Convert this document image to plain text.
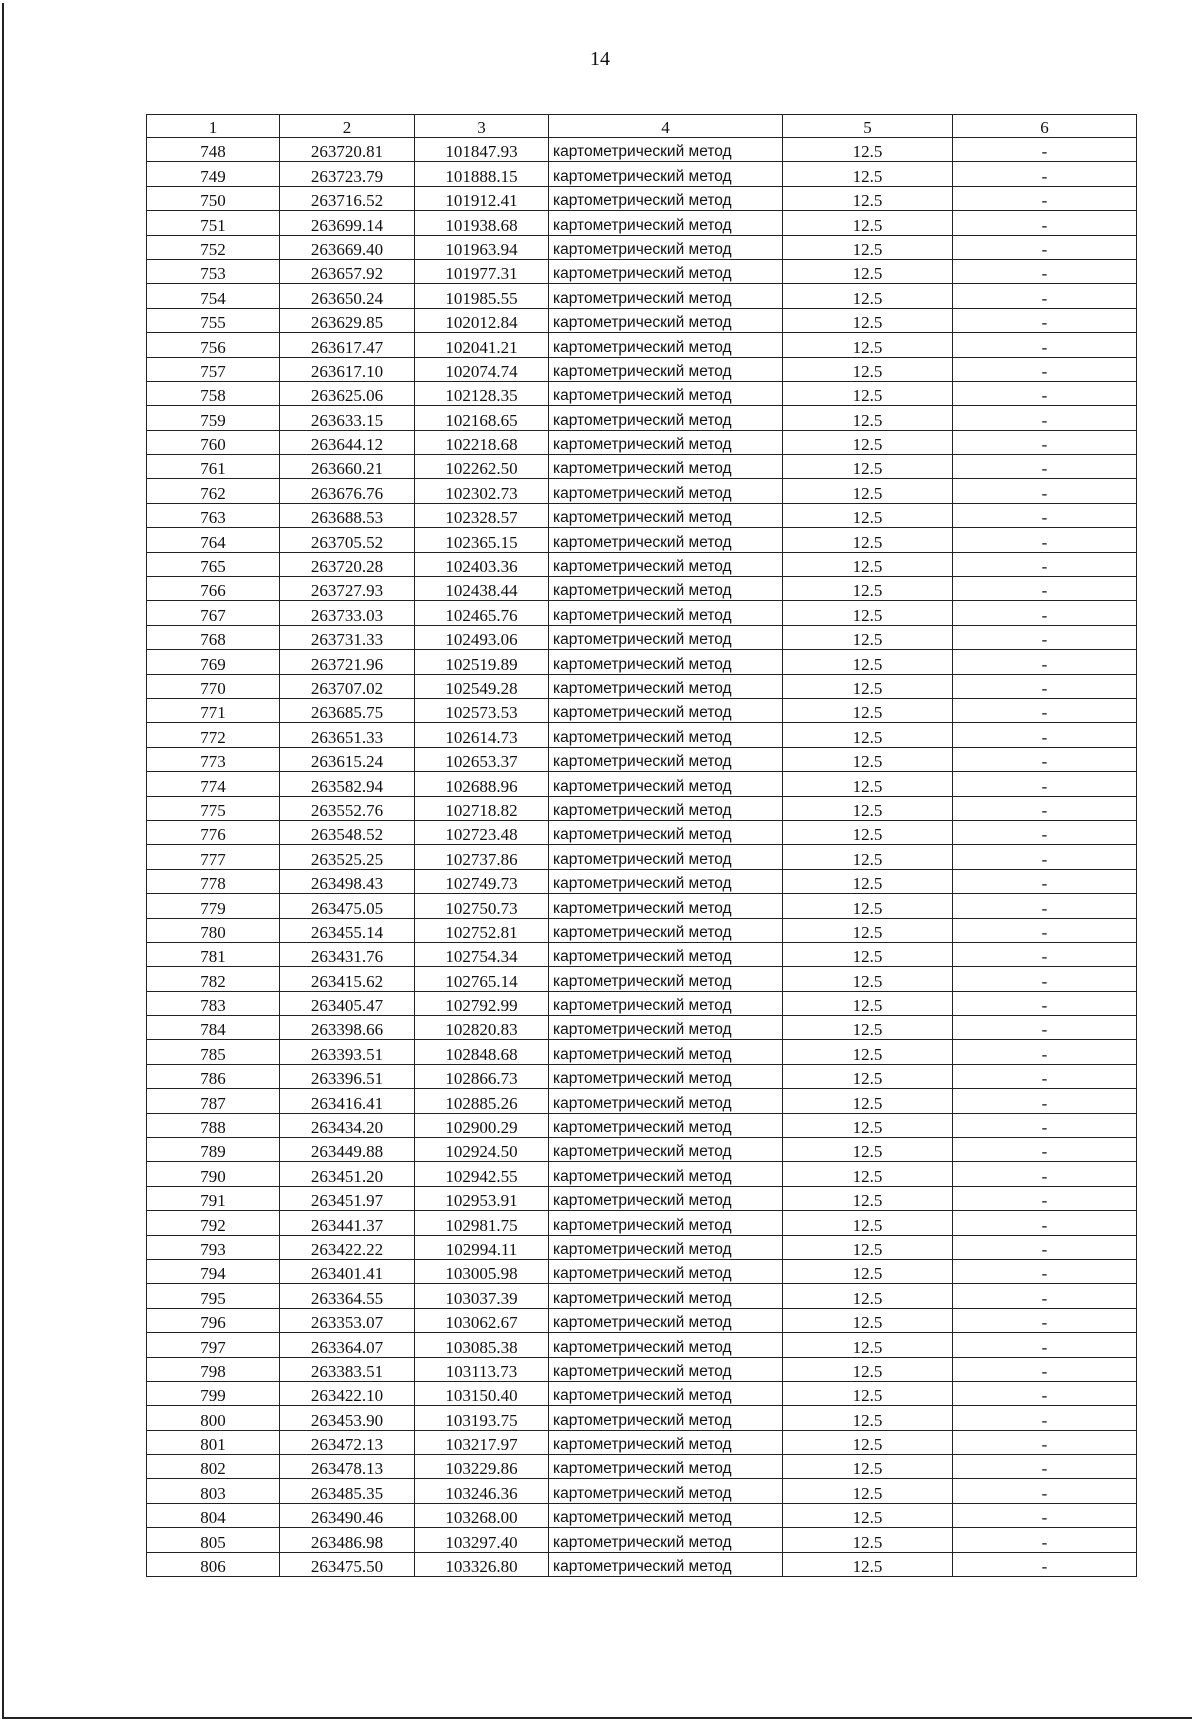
14
1	2	3	4	5	6
748	263720.81	101847.93	картометрический метод	12.5	-
749	263723.79	101888.15	картометрический метод	12.5	-
750	263716.52	101912.41	картометрический метод	12.5	-
751	263699.14	101938.68	картометрический метод	12.5	-
752	263669.40	101963.94	картометрический метод	12.5	-
753	263657.92	101977.31	картометрический метод	12.5	-
754	263650.24	101985.55	картометрический метод	12.5	-
755	263629.85	102012.84	картометрический метод	12.5	-
756	263617.47	102041.21	картометрический метод	12.5	-
757	263617.10	102074.74	картометрический метод	12.5	-
758	263625.06	102128.35	картометрический метод	12.5	-
759	263633.15	102168.65	картометрический метод	12.5	-
760	263644.12	102218.68	картометрический метод	12.5	-
761	263660.21	102262.50	картометрический метод	12.5	-
762	263676.76	102302.73	картометрический метод	12.5	-
763	263688.53	102328.57	картометрический метод	12.5	-
764	263705.52	102365.15	картометрический метод	12.5	-
765	263720.28	102403.36	картометрический метод	12.5	-
766	263727.93	102438.44	картометрический метод	12.5	-
767	263733.03	102465.76	картометрический метод	12.5	-
768	263731.33	102493.06	картометрический метод	12.5	-
769	263721.96	102519.89	картометрический метод	12.5	-
770	263707.02	102549.28	картометрический метод	12.5	-
771	263685.75	102573.53	картометрический метод	12.5	-
772	263651.33	102614.73	картометрический метод	12.5	-
773	263615.24	102653.37	картометрический метод	12.5	-
774	263582.94	102688.96	картометрический метод	12.5	-
775	263552.76	102718.82	картометрический метод	12.5	-
776	263548.52	102723.48	картометрический метод	12.5	-
777	263525.25	102737.86	картометрический метод	12.5	-
778	263498.43	102749.73	картометрический метод	12.5	-
779	263475.05	102750.73	картометрический метод	12.5	-
780	263455.14	102752.81	картометрический метод	12.5	-
781	263431.76	102754.34	картометрический метод	12.5	-
782	263415.62	102765.14	картометрический метод	12.5	-
783	263405.47	102792.99	картометрический метод	12.5	-
784	263398.66	102820.83	картометрический метод	12.5	-
785	263393.51	102848.68	картометрический метод	12.5	-
786	263396.51	102866.73	картометрический метод	12.5	-
787	263416.41	102885.26	картометрический метод	12.5	-
788	263434.20	102900.29	картометрический метод	12.5	-
789	263449.88	102924.50	картометрический метод	12.5	-
790	263451.20	102942.55	картометрический метод	12.5	-
791	263451.97	102953.91	картометрический метод	12.5	-
792	263441.37	102981.75	картометрический метод	12.5	-
793	263422.22	102994.11	картометрический метод	12.5	-
794	263401.41	103005.98	картометрический метод	12.5	-
795	263364.55	103037.39	картометрический метод	12.5	-
796	263353.07	103062.67	картометрический метод	12.5	-
797	263364.07	103085.38	картометрический метод	12.5	-
798	263383.51	103113.73	картометрический метод	12.5	-
799	263422.10	103150.40	картометрический метод	12.5	-
800	263453.90	103193.75	картометрический метод	12.5	-
801	263472.13	103217.97	картометрический метод	12.5	-
802	263478.13	103229.86	картометрический метод	12.5	-
803	263485.35	103246.36	картометрический метод	12.5	-
804	263490.46	103268.00	картометрический метод	12.5	-
805	263486.98	103297.40	картометрический метод	12.5	-
806	263475.50	103326.80	картометрический метод	12.5	-
